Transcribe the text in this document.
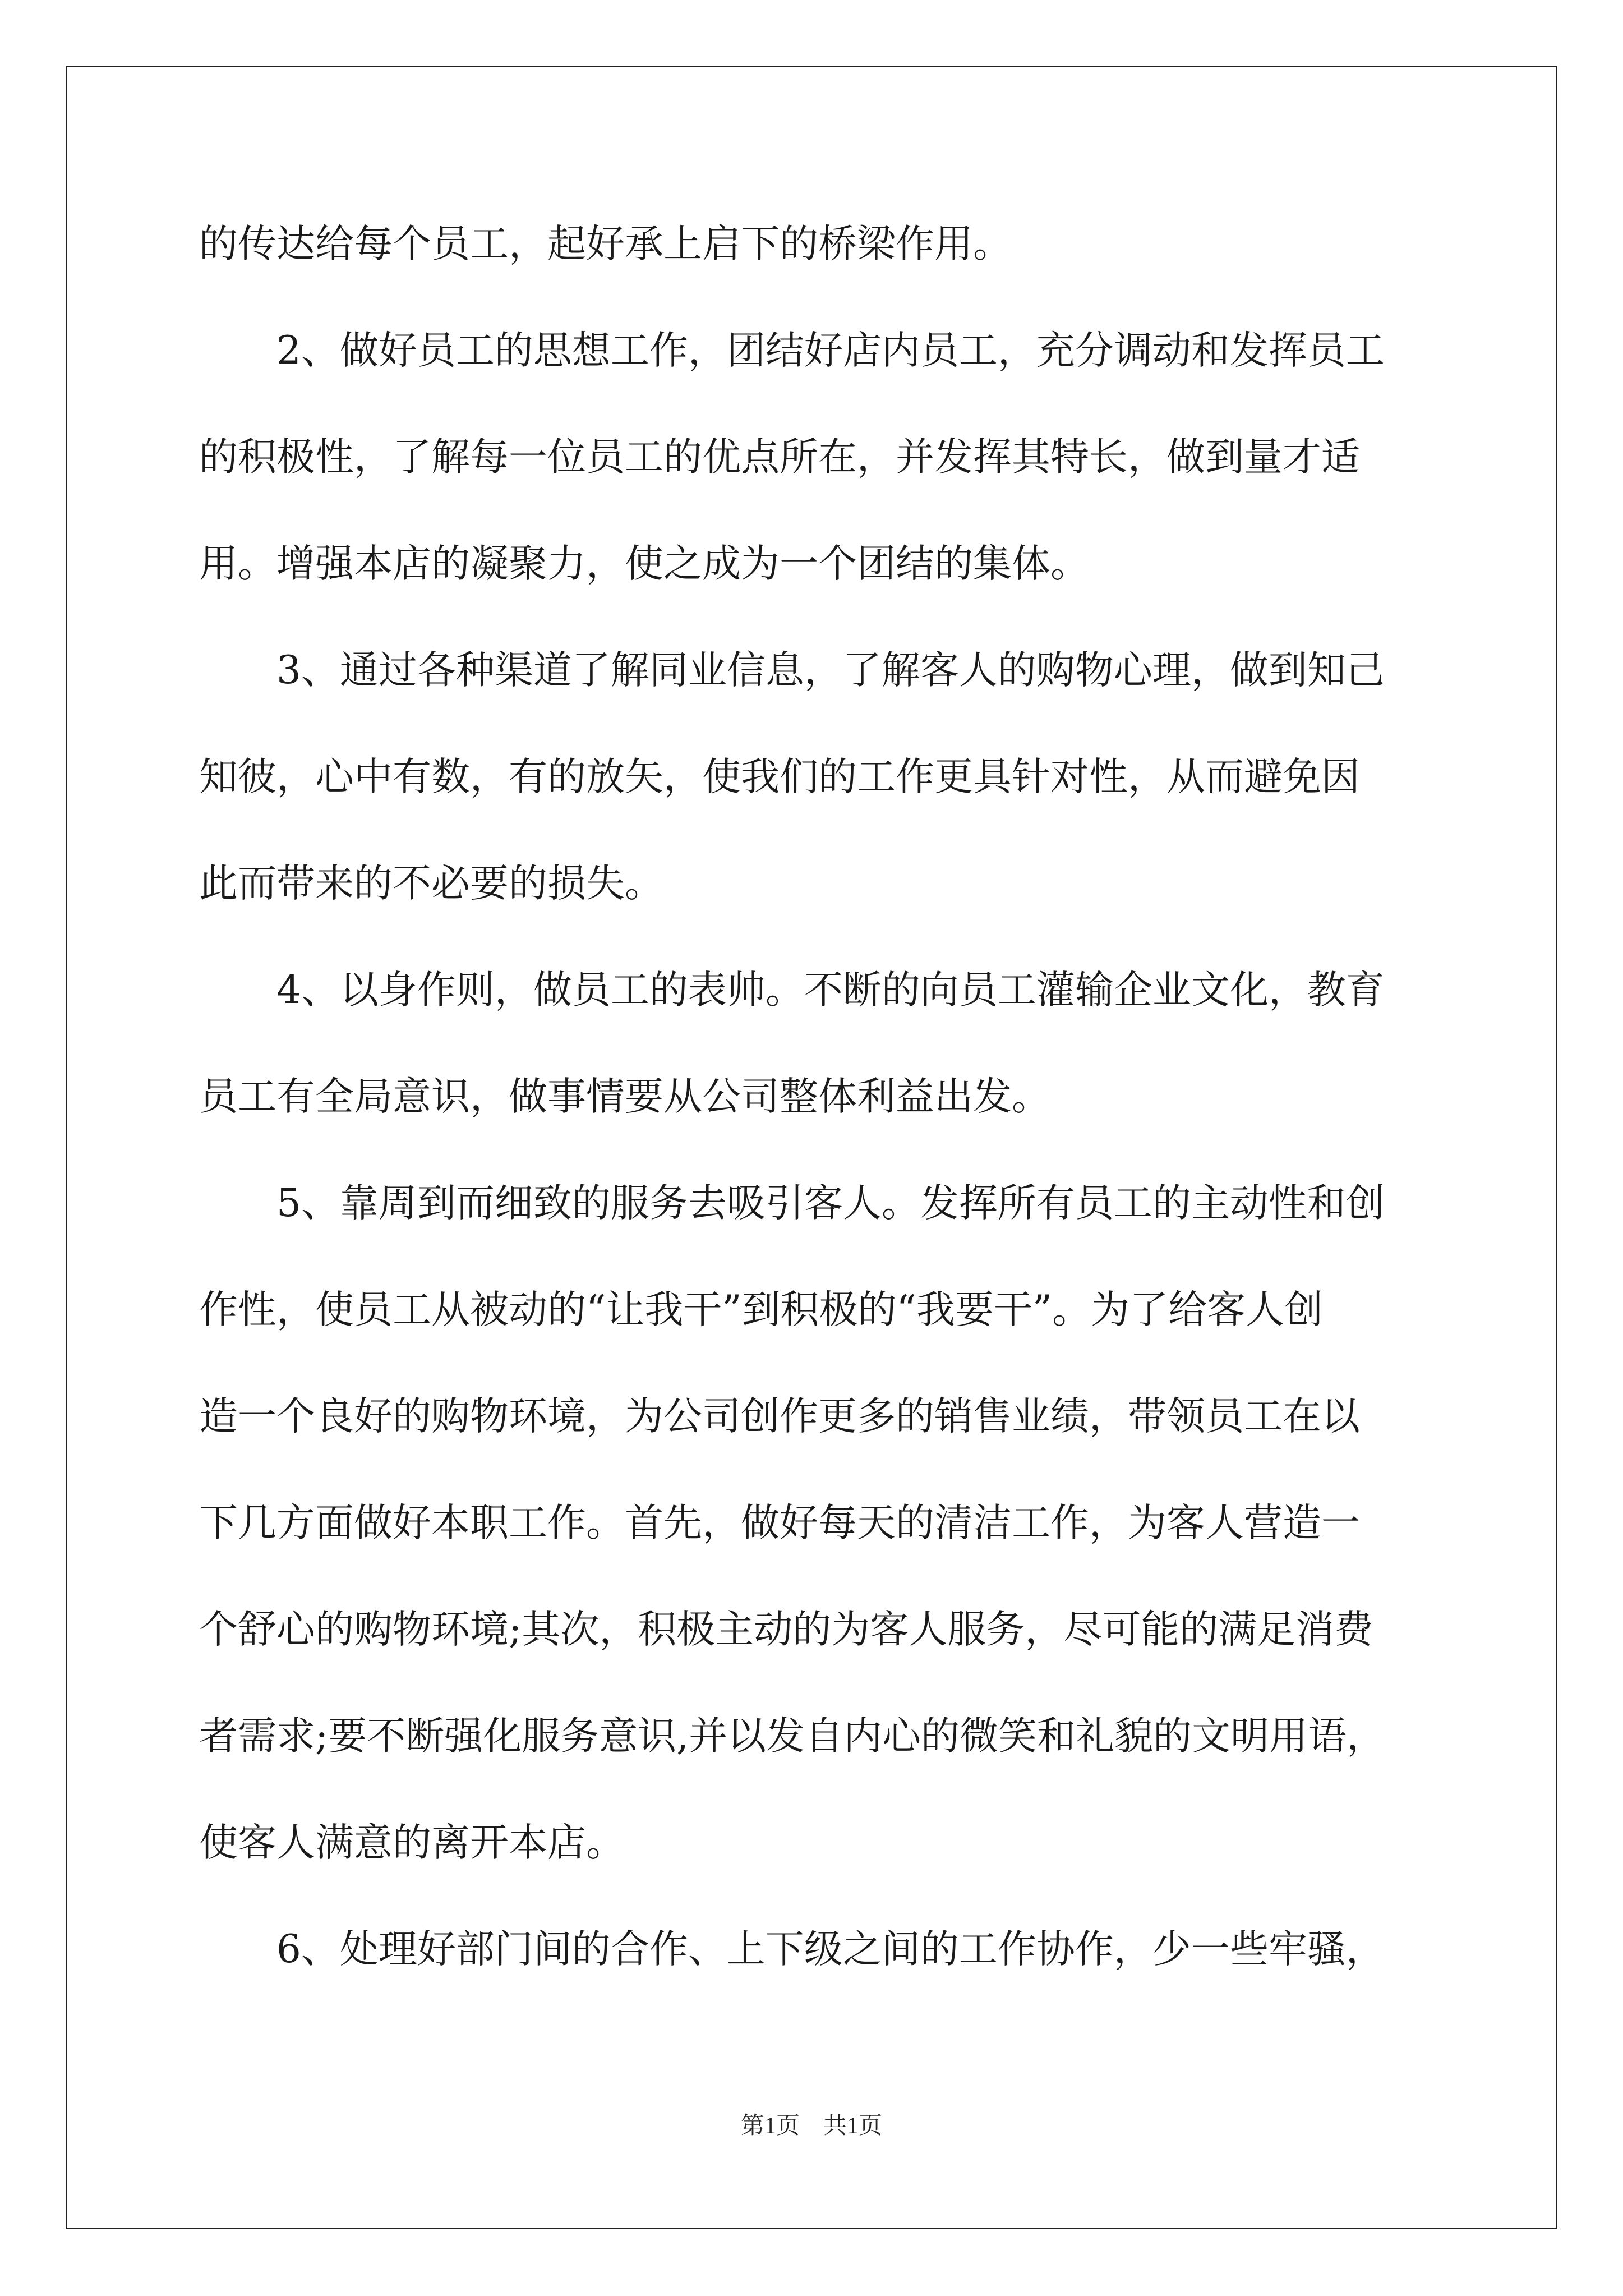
的传达给每个员工，起好承上启下的桥梁作用。
2、做好员工的思想工作，团结好店内员工，充分调动和发挥员工
的积极性，了解每一位员工的优点所在，并发挥其特长，做到量才适
用。增强本店的凝聚力，使之成为一个团结的集体。
3、通过各种渠道了解同业信息，了解客人的购物心理，做到知己
知彼，心中有数，有的放矢，使我们的工作更具针对性，从而避免因
此而带来的不必要的损失。
4、以身作则，做员工的表帅。不断的向员工灌输企业文化，教育
员工有全局意识，做事情要从公司整体利益出发。
5、靠周到而细致的服务去吸引客人。发挥所有员工的主动性和创
作性，使员工从被动的“让我干”到积极的“我要干”。为了给客人创
造一个良好的购物环境，为公司创作更多的销售业绩，带领员工在以
下几方面做好本职工作。首先，做好每天的清洁工作，为客人营造一
个舒心的购物环境;其次，积极主动的为客人服务，尽可能的满足消费
者需求;要不断强化服务意识,并以发自内心的微笑和礼貌的文明用语，
使客人满意的离开本店。
6、处理好部门间的合作、上下级之间的工作协作，少一些牢骚，
第1页　共1页
